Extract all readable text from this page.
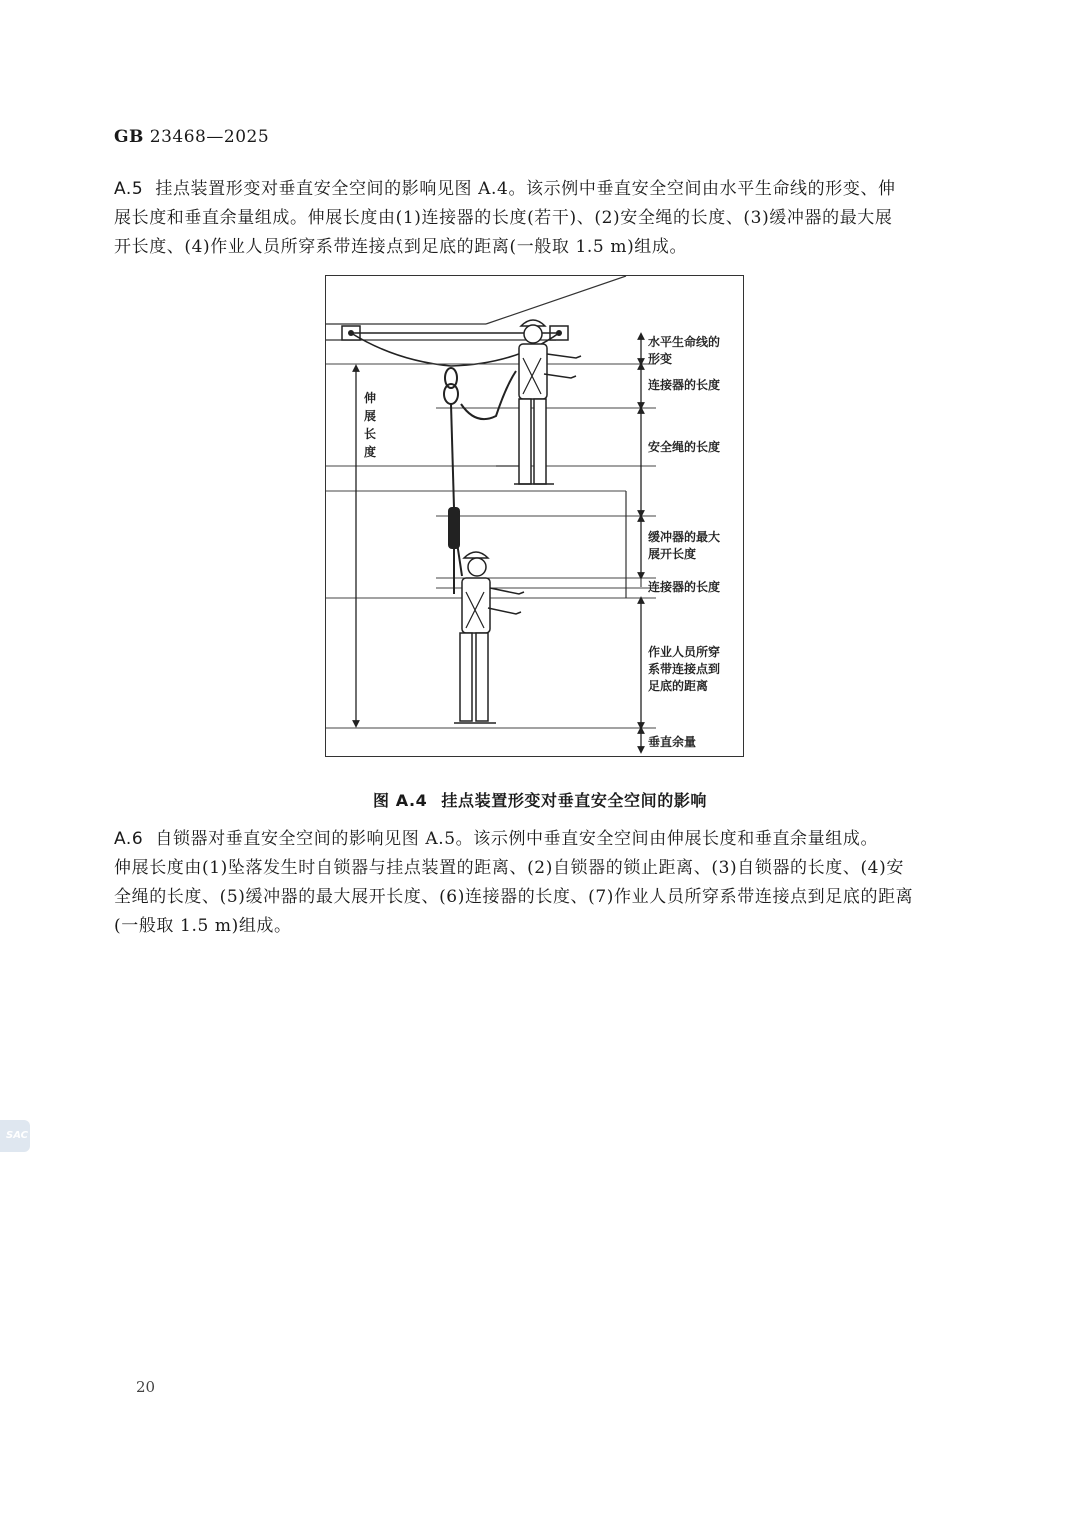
GB 23468—2025
A.5 挂点装置形变对垂直安全空间的影响见图 A.4。该示例中垂直安全空间由水平生命线的形变、伸
展长度和垂直余量组成。伸展长度由(1)连接器的长度(若干)、(2)安全绳的长度、(3)缓冲器的最大展
开长度、(4)作业人员所穿系带连接点到足底的距离(一般取 1.5 m)组成。
伸
展
长
度
水平生命线的
形变
连接器的长度
安全绳的长度
缓冲器的最大
展开长度
连接器的长度
作业人员所穿
系带连接点到
足底的距离
垂直余量
图 A.4 挂点装置形变对垂直安全空间的影响
A.6 自锁器对垂直安全空间的影响见图 A.5。该示例中垂直安全空间由伸展长度和垂直余量组成。
伸展长度由(1)坠落发生时自锁器与挂点装置的距离、(2)自锁器的锁止距离、(3)自锁器的长度、(4)安
全绳的长度、(5)缓冲器的最大展开长度、(6)连接器的长度、(7)作业人员所穿系带连接点到足底的距离
(一般取 1.5 m)组成。
SAC
20
